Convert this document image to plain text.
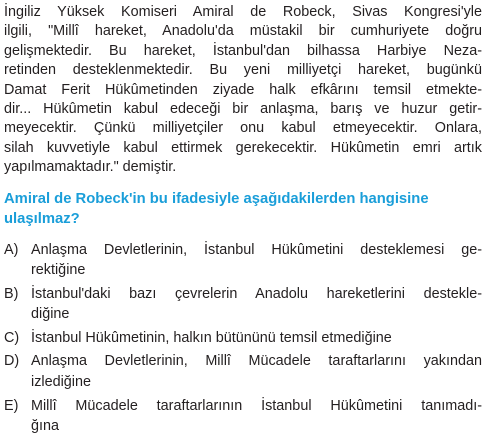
İngiliz Yüksek Komiseri Amiral de Robeck, Sivas Kongresi'yle
ilgili, "Millî hareket, Anadolu'da müstakil bir cumhuriyete doğru
gelişmektedir. Bu hareket, İstanbul'dan bilhassa Harbiye Neza-
retinden desteklenmektedir. Bu yeni milliyetçi hareket, bugünkü
Damat Ferit Hükûmetinden ziyade halk efkârını temsil etmekte-
dir... Hükûmetin kabul edeceği bir anlaşma, barış ve huzur getir-
meyecektir. Çünkü milliyetçiler onu kabul etmeyecektir. Onlara,
silah kuvvetiyle kabul ettirmek gerekecektir. Hükûmetin emri artık
yapılmamaktadır." demiştir.
Amiral de Robeck'in bu ifadesiyle aşağıdakilerden hangisine
ulaşılmaz?
A) Anlaşma Devletlerinin, İstanbul Hükûmetini desteklemesi ge-
rektiğine
B) İstanbul'daki bazı çevrelerin Anadolu hareketlerini destekle-
diğine
C) İstanbul Hükûmetinin, halkın bütününü temsil etmediğine
D) Anlaşma Devletlerinin, Millî Mücadele taraftarlarını yakından
izlediğine
E) Millî Mücadele taraftarlarının İstanbul Hükûmetini tanımadı-
ğına
